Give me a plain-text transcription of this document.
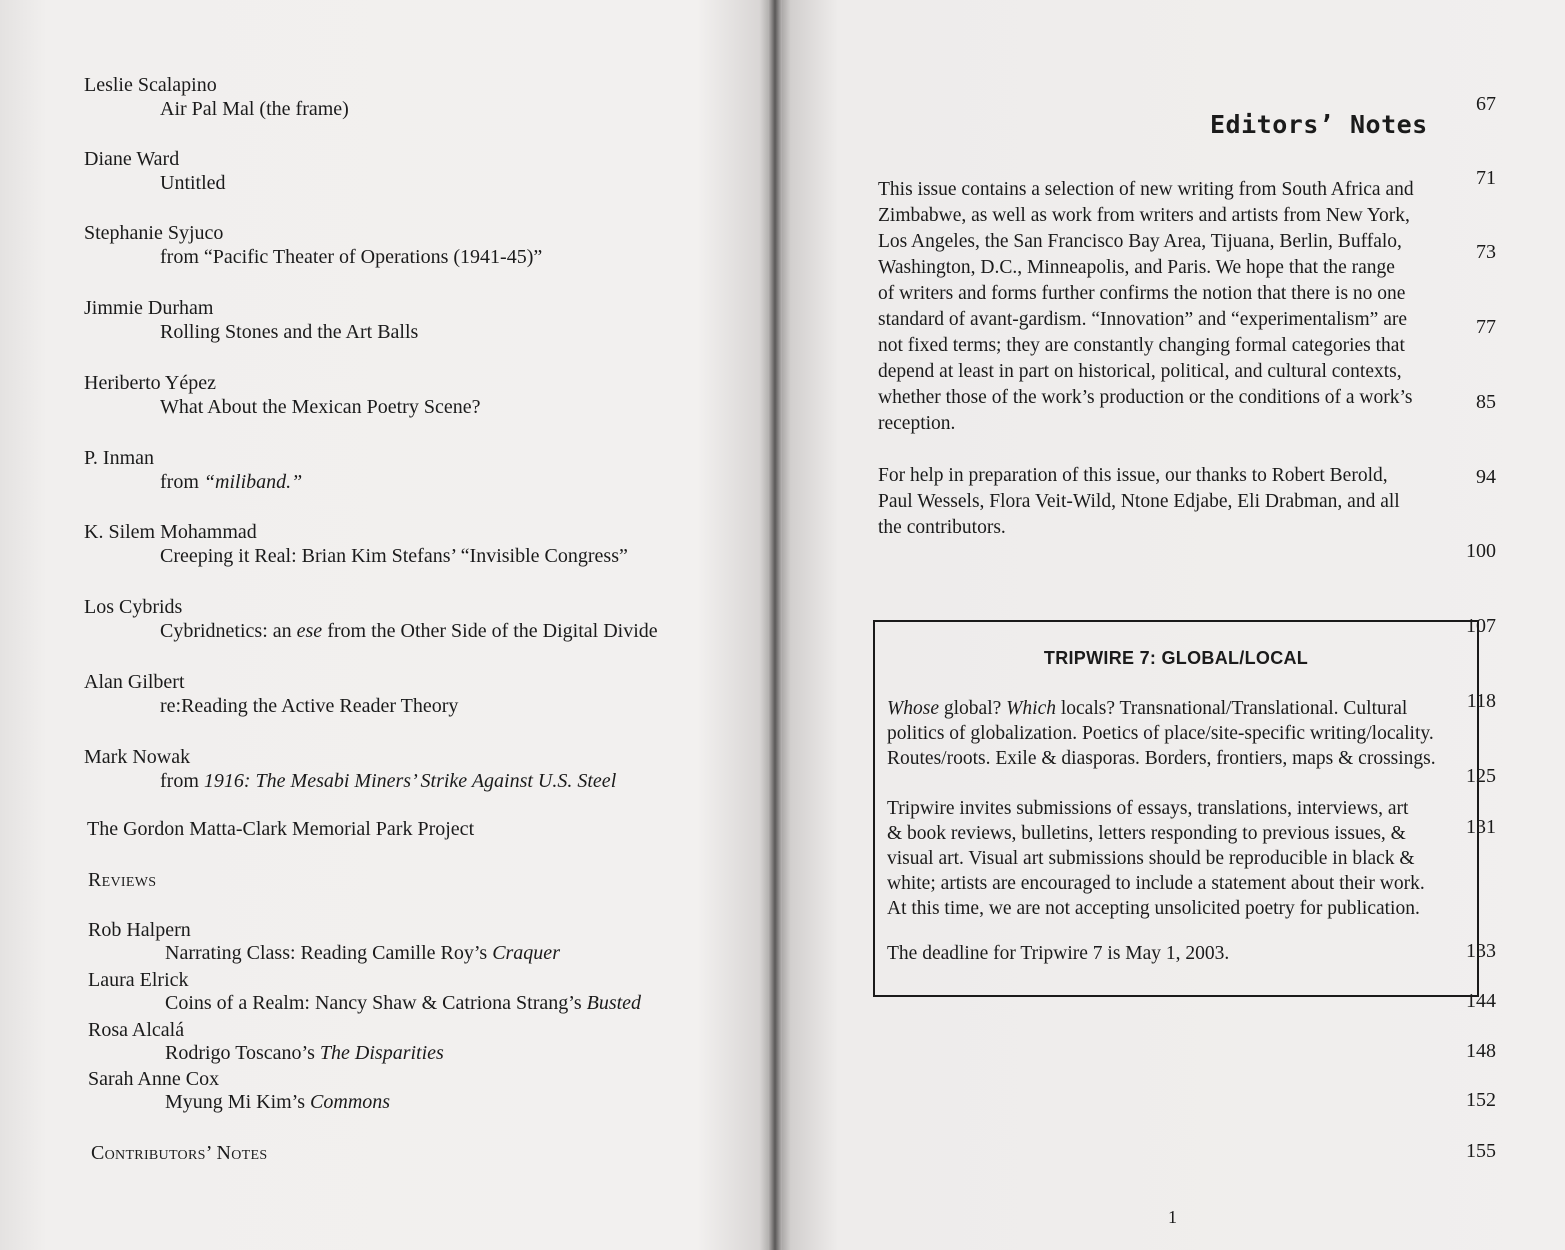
Leslie Scalapino
Air Pal Mal (the frame)	67
Diane Ward
Untitled	71
Stephanie Syjuco
from “Pacific Theater of Operations (1941-45)”	73
Jimmie Durham
Rolling Stones and the Art Balls	77
Heriberto Yépez
What About the Mexican Poetry Scene?	85
P. Inman
from “miliband.”	94
K. Silem Mohammad
Creeping it Real: Brian Kim Stefans’ “Invisible Congress”	100
Los Cybrids
Cybridnetics: an ese from the Other Side of the Digital Divide	107
Alan Gilbert
re:Reading the Active Reader Theory	118
Mark Nowak
from 1916: The Mesabi Miners’ Strike Against U.S. Steel	125
The Gordon Matta-Clark Memorial Park Project	131
Reviews
Rob Halpern
Narrating Class: Reading Camille Roy’s Craquer	133
Laura Elrick
Coins of a Realm: Nancy Shaw & Catriona Strang’s Busted	144
Rosa Alcalá
Rodrigo Toscano’s The Disparities	148
Sarah Anne Cox
Myung Mi Kim’s Commons	152
Contributors’ Notes	155
Editors’ Notes
This issue contains a selection of new writing from South Africa and
Zimbabwe, as well as work from writers and artists from New York,
Los Angeles, the San Francisco Bay Area, Tijuana, Berlin, Buffalo,
Washington, D.C., Minneapolis, and Paris. We hope that the range
of writers and forms further confirms the notion that there is no one
standard of avant-gardism. “Innovation” and “experimentalism” are
not fixed terms; they are constantly changing formal categories that
depend at least in part on historical, political, and cultural contexts,
whether those of the work’s production or the conditions of a work’s
reception.
For help in preparation of this issue, our thanks to Robert Berold,
Paul Wessels, Flora Veit-Wild, Ntone Edjabe, Eli Drabman, and all
the contributors.
TRIPWIRE 7: GLOBAL/LOCAL
Whose global? Which locals? Transnational/Translational. Cultural
politics of globalization. Poetics of place/site-specific writing/locality.
Routes/roots. Exile & diasporas. Borders, frontiers, maps & crossings.
Tripwire invites submissions of essays, translations, interviews, art
& book reviews, bulletins, letters responding to previous issues, &
visual art. Visual art submissions should be reproducible in black &
white; artists are encouraged to include a statement about their work.
At this time, we are not accepting unsolicited poetry for publication.
The deadline for Tripwire 7 is May 1, 2003.
1
